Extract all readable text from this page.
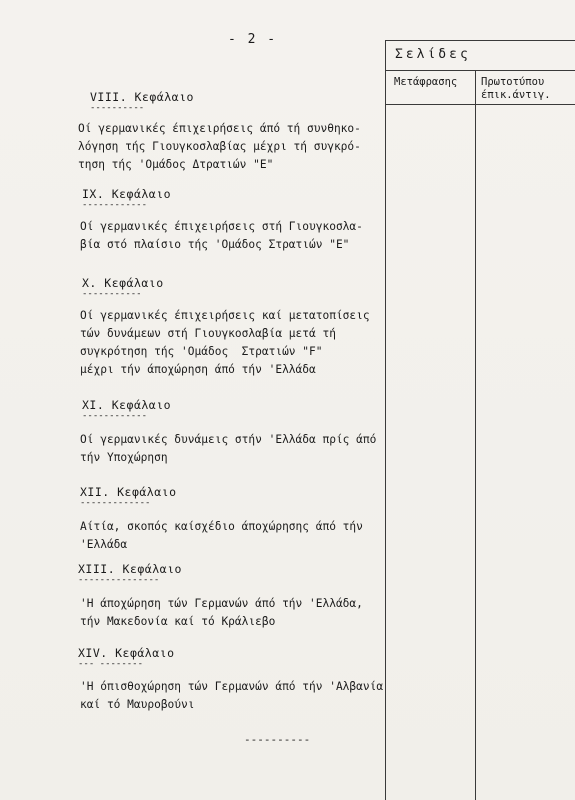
- 2 -
Σελίδες
Μετάφρασης Πρωτοτύπου
έπικ.άντιγ.
VIII. Κεφάλαιο
----------
Οί γερμανικές έπιχειρήσεις άπό τή συνθηκο-
λόγηση τής Γιουγκοσλαβίας μέχρι τή συγκρό-
τηση τής 'Ομάδος Δτρατιών "Ε"
ΙΧ. Κεφάλαιο
------------
Οί γερμανικές έπιχειρήσεις στή Γιουγκοσλα-
βία στό πλαίσιο τής 'Ομάδος Στρατιών "Ε"
Χ. Κεφάλαιο
-----------
Οί γερμανικές έπιχειρήσεις καί μετατοπίσεις
τών δυνάμεων στή Γιουγκοσλαβία μετά τή
συγκρότηση τής 'Ομάδος  Στρατιών "F"
μέχρι τήν άποχώρηση άπό τήν 'Ελλάδα
ΧΙ. Κεφάλαιο
------------
Οί γερμανικές δυνάμεις στήν 'Ελλάδα πρίς άπό
τήν Υποχώρηση
ΧΙΙ. Κεφάλαιο
-------------
Αίτία, σκοπός καίσχέδιο άποχώρησης άπό τήν
'Ελλάδα
ΧΙΙΙ. Κεφάλαιο
---------------
'Η άποχώρηση τών Γερμανών άπό τήν 'Ελλάδα,
τήν Μακεδονία καί τό Κράλιεβο
ΧΙV. Κεφάλαιο
--- --------
'Η όπισθοχώρηση τών Γερμανών άπό τήν 'Αλβανία
καί τό Μαυροβούνι
----------
